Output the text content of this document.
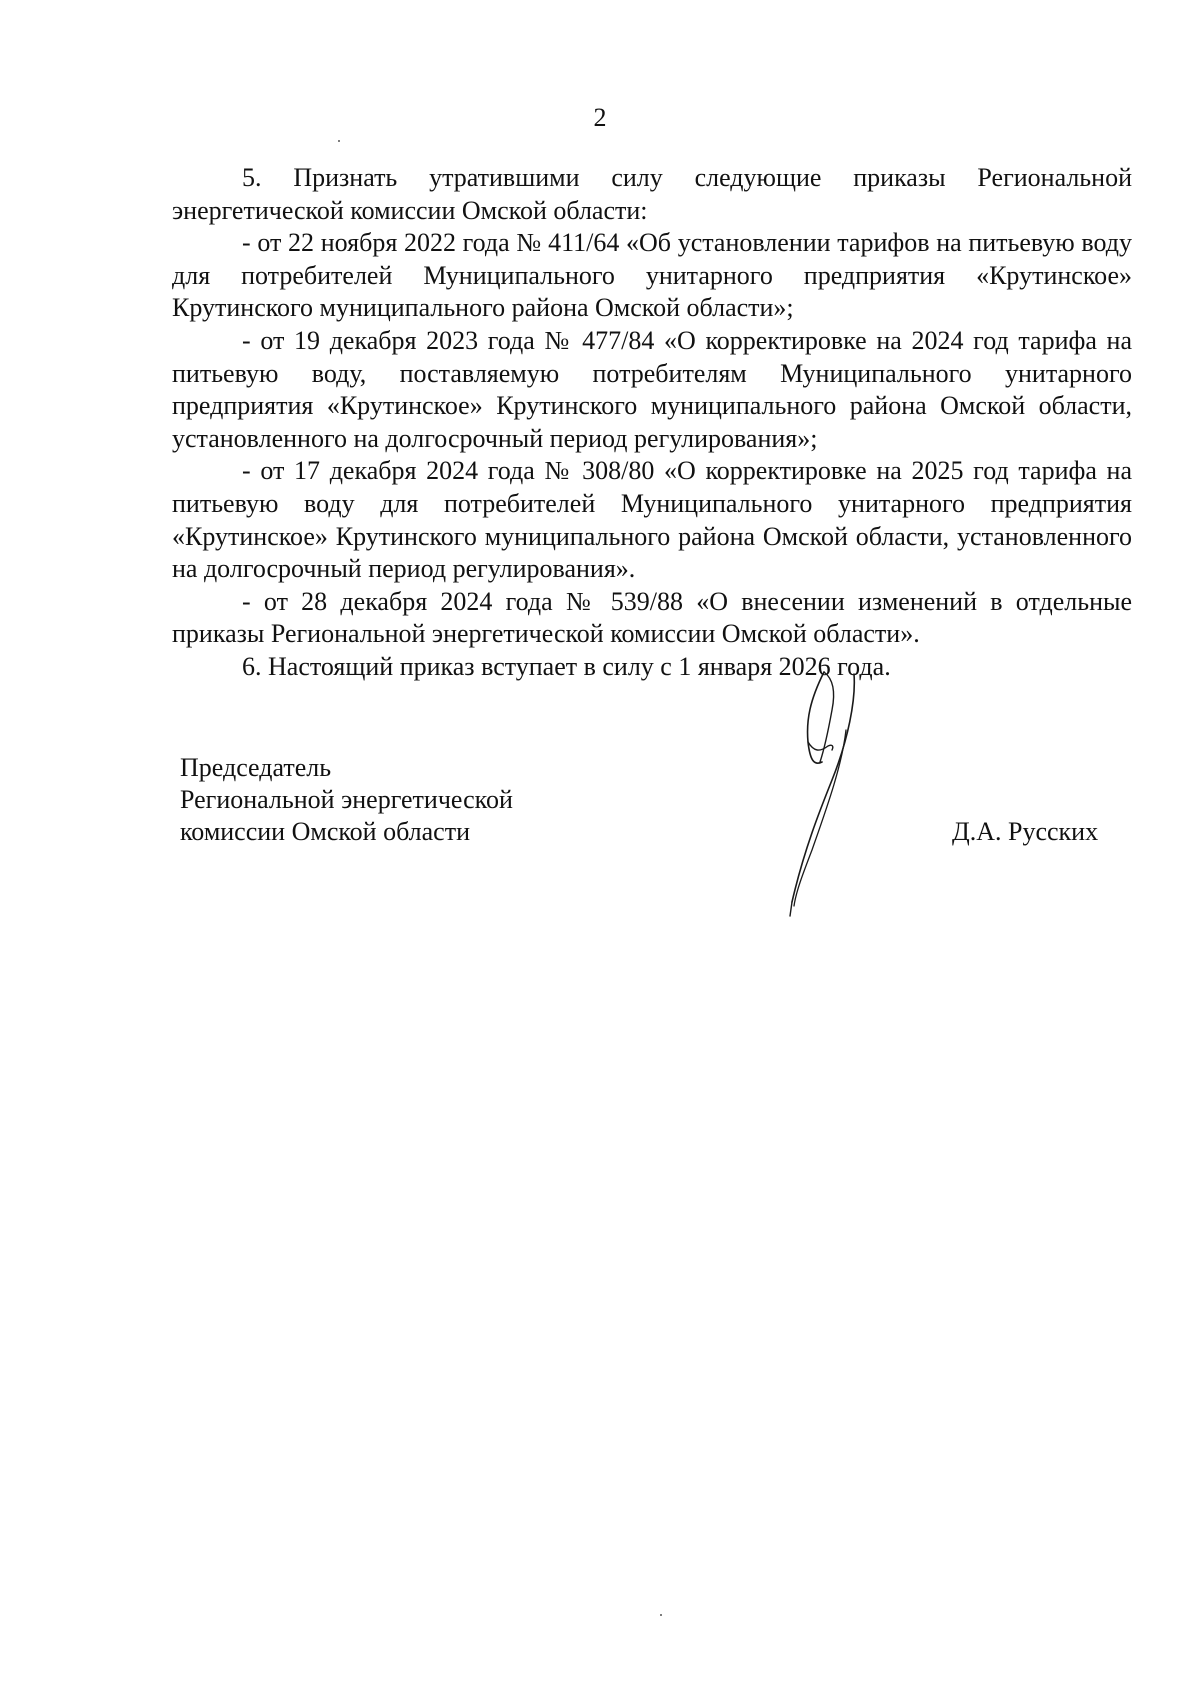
2

5. Признать утратившими силу следующие приказы Региональной энергетической комиссии Омской области:

- от 22 ноября 2022 года № 411/64 «Об установлении тарифов на питьевую воду для потребителей Муниципального унитарного предприятия «Крутинское» Крутинского муниципального района Омской области»;

- от 19 декабря 2023 года № 477/84 «О корректировке на 2024 год тарифа на питьевую воду, поставляемую потребителям Муниципального унитарного предприятия «Крутинское» Крутинского муниципального района Омской области, установленного на долгосрочный период регулирования»;

- от 17 декабря 2024 года № 308/80 «О корректировке на 2025 год тарифа на питьевую воду для потребителей Муниципального унитарного предприятия «Крутинское» Крутинского муниципального района Омской области, установленного на долгосрочный период регулирования».

- от 28 декабря 2024 года № 539/88 «О внесении изменений в отдельные приказы Региональной энергетической комиссии Омской области».

6. Настоящий приказ вступает в силу с 1 января 2026 года.

Председатель
Региональной энергетической
комиссии Омской области	Д.А. Русских
